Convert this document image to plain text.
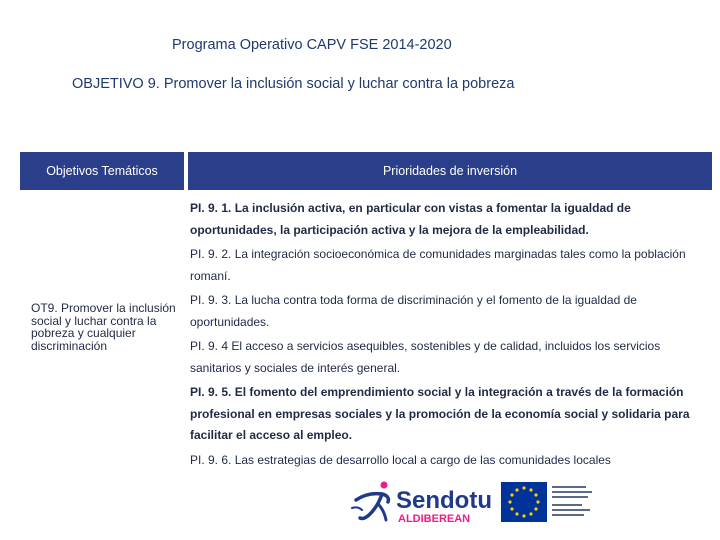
Programa Operativo CAPV FSE 2014-2020
OBJETIVO 9. Promover la inclusión social y luchar contra la pobreza
Objetivos Temáticos	Prioridades de inversión
OT9. Promover la inclusión social y luchar contra la pobreza y cualquier discriminación
PI. 9. 1. La inclusión activa, en particular con vistas a fomentar la igualdad de oportunidades, la participación activa y la mejora de la empleabilidad.
PI. 9. 2. La integración socioeconómica de comunidades marginadas tales como la población romaní.
PI. 9. 3. La lucha contra toda forma de discriminación y el fomento de la igualdad de oportunidades.
PI. 9. 4 El acceso a servicios asequibles, sostenibles y de calidad, incluidos los servicios sanitarios y sociales de interés general.
PI. 9. 5. El fomento del emprendimiento social y la integración a través de la formación profesional en empresas sociales y la promoción de la economía social y solidaria para facilitar el acceso al empleo.
PI. 9. 6. Las estrategias de desarrollo local a cargo de las comunidades locales
Sendotu
ALDIBEREAN
